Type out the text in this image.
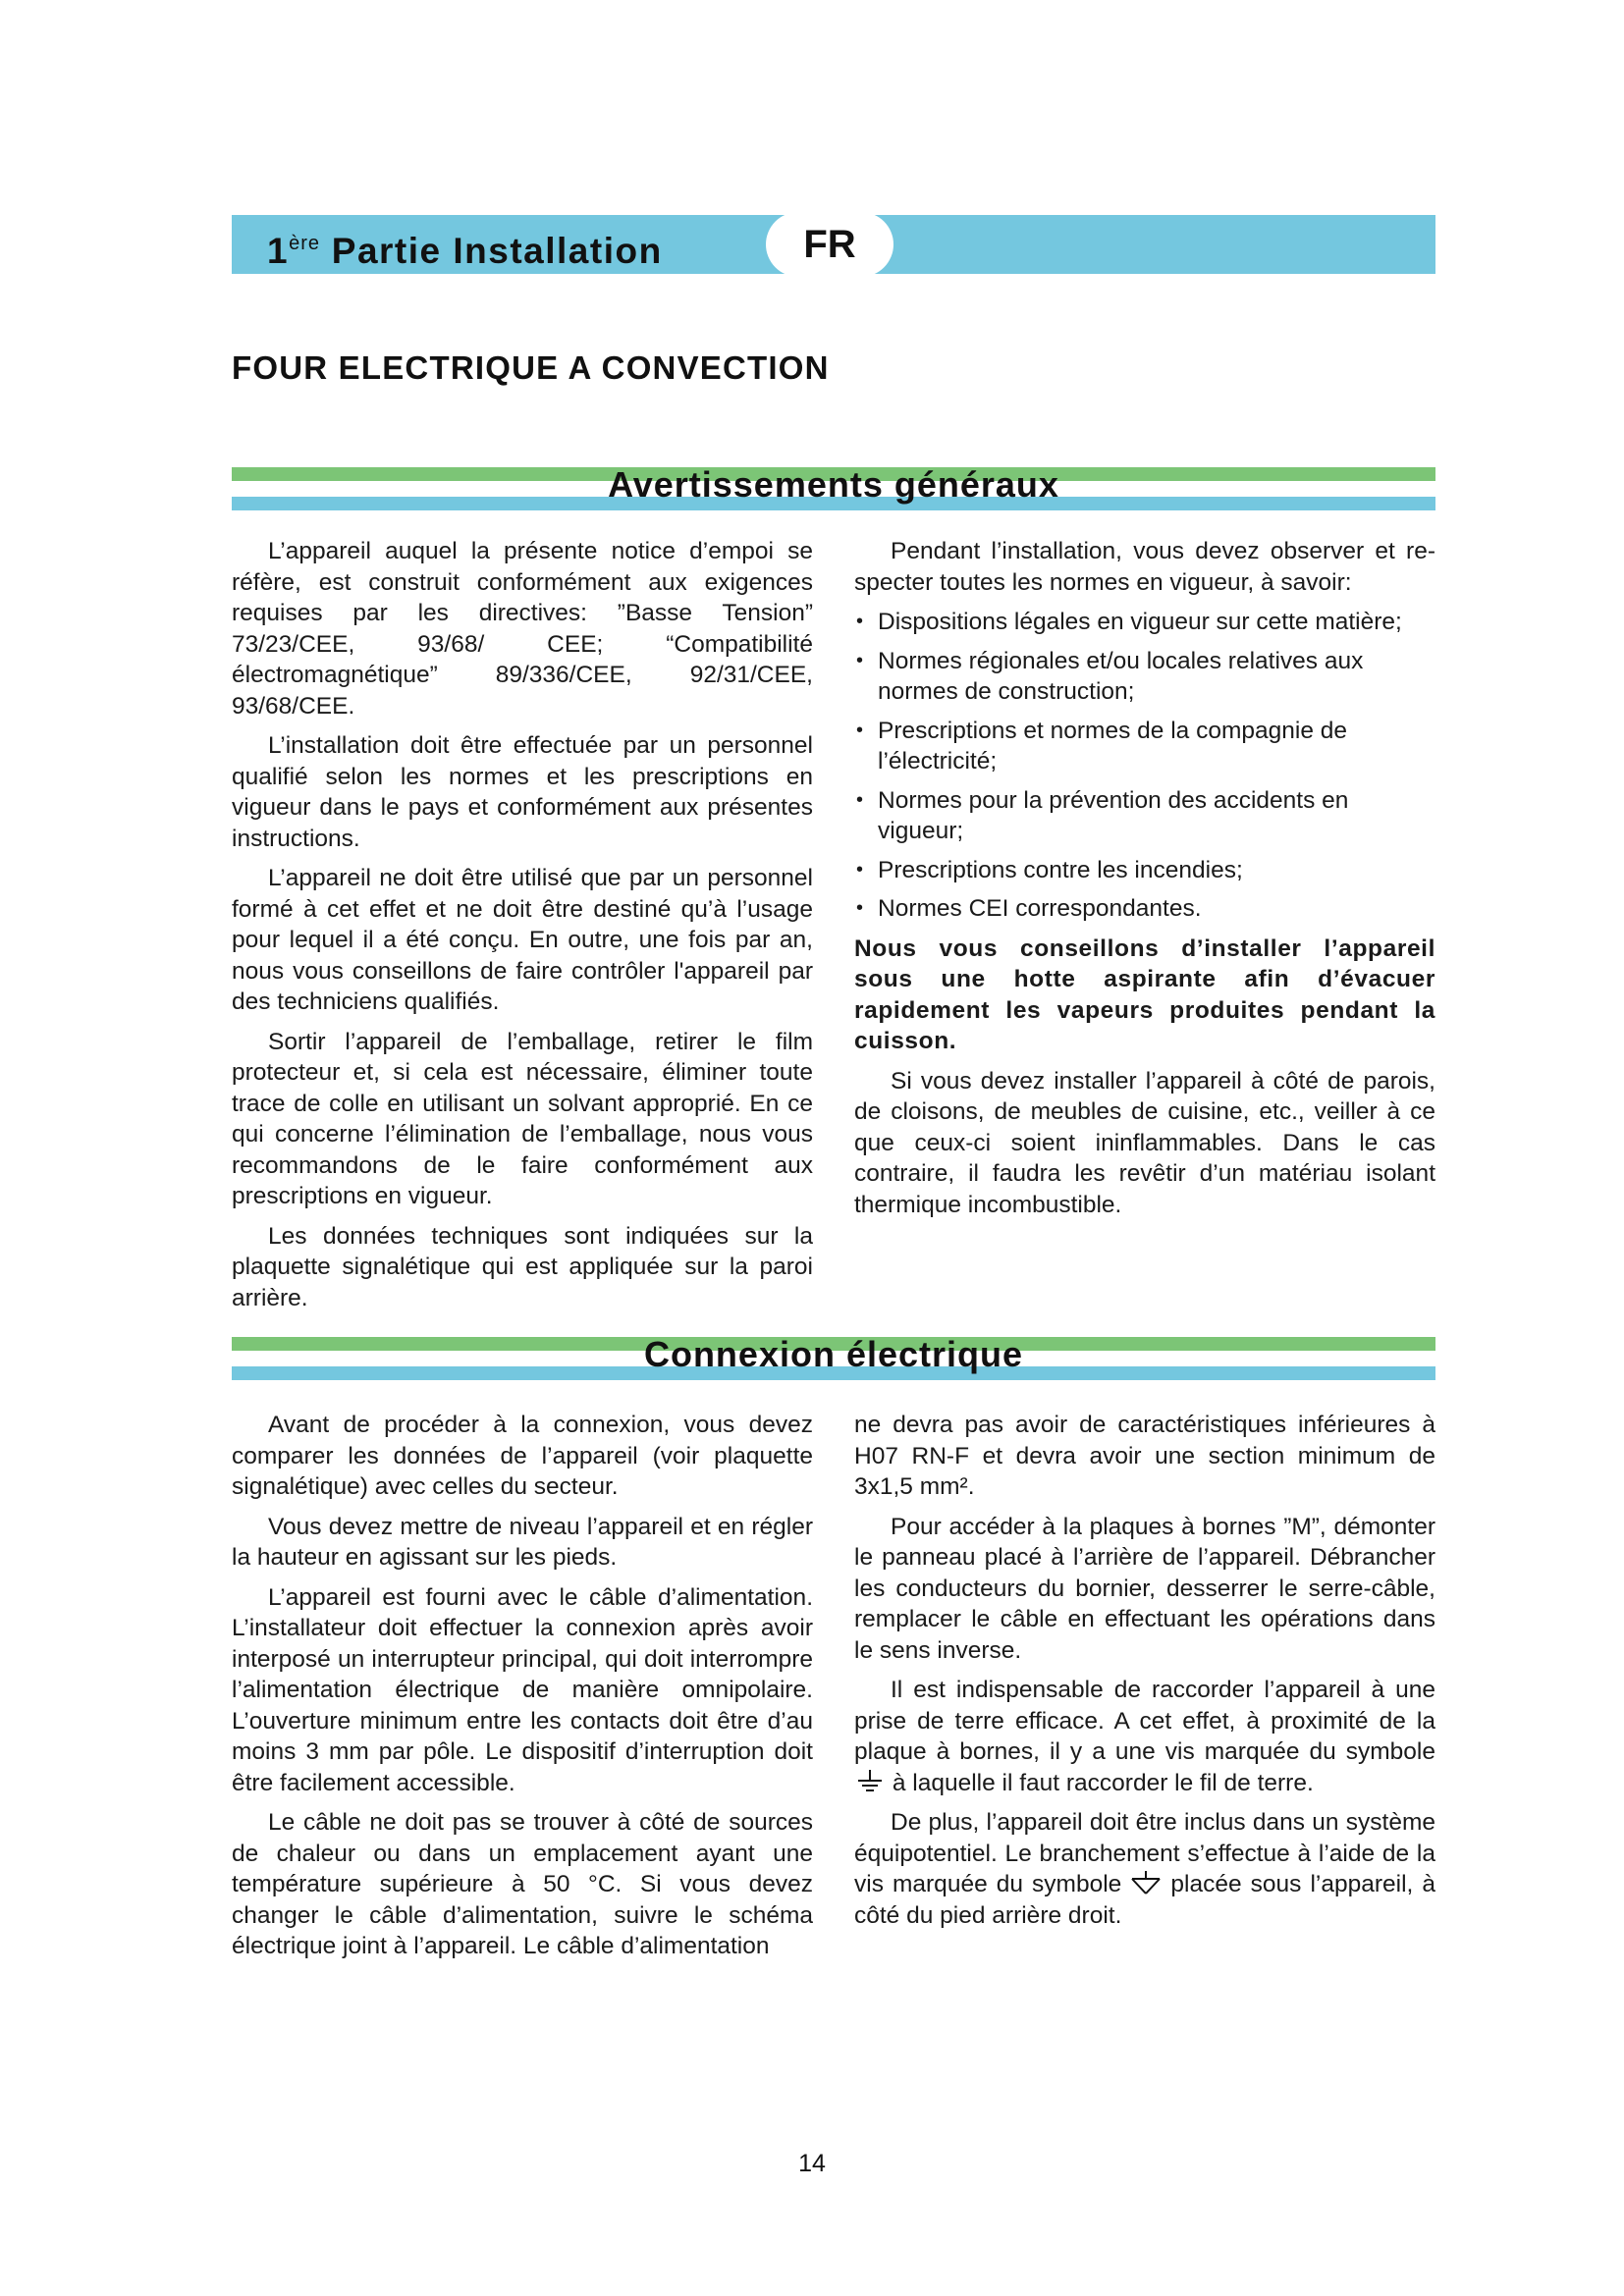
1ère Partie Installation	FR
FOUR ELECTRIQUE A CONVECTION
Avertissements généraux

L’appareil auquel la présente notice d’empoi se réfère, est construit conformément aux exigences requises par les directives: ”Basse Tension” 73/23/CEE, 93/68/ CEE; “Compatibilité électromagnétique” 89/336/CEE, 92/31/CEE, 93/68/CEE.

L’installation doit être effectuée par un personnel qualifié selon les normes et les prescriptions en vigueur dans le pays et conformément aux présentes instructions.

L’appareil ne doit être utilisé que par un personnel formé à cet effet et ne doit être destiné qu’à l’usage pour lequel il a été conçu. En outre, une fois par an, nous vous conseillons de faire contrôler l'appareil par des techniciens qualifiés.

Sortir l’appareil de l’emballage, retirer le film protecteur et, si cela est nécessaire, éliminer toute trace de colle en utilisant un solvant approprié. En ce qui concerne l’élimination de l’emballage, nous vous recommandons de le faire conformément aux prescriptions en vigueur.

Les données techniques sont indiquées sur la plaquette signalétique qui est appliquée sur la paroi arrière.

Pendant l’installation, vous devez observer et re-specter toutes les normes en vigueur, à savoir:

• Dispositions légales en vigueur sur cette matière;
• Normes régionales et/ou locales relatives aux normes de construction;
• Prescriptions et normes de la compagnie de l’électricité;
• Normes pour la prévention des accidents en vigueur;
• Prescriptions contre les incendies;
• Normes CEI correspondantes.

Nous vous conseillons d’installer l’appareil sous une hotte aspirante afin d’évacuer rapidement les vapeurs produites pendant la cuisson.

Si vous devez installer l’appareil à côté de parois, de cloisons, de meubles de cuisine, etc., veiller à ce que ceux-ci soient ininflammables. Dans le cas contraire, il faudra les revêtir d’un matériau isolant thermique incombustible.

Connexion électrique

Avant de procéder à la connexion, vous devez comparer les données de l’appareil (voir plaquette signalétique) avec celles du secteur.

Vous devez mettre de niveau l’appareil et en régler la hauteur en agissant sur les pieds.

L’appareil est fourni avec le câble d’alimentation. L’installateur doit effectuer la connexion après avoir interposé un interrupteur principal, qui doit interrompre l’alimentation électrique de manière omnipolaire. L’ouverture minimum entre les contacts doit être d’au moins 3 mm par pôle. Le dispositif d’interruption doit être facilement accessible.

Le câble ne doit pas se trouver à côté de sources de chaleur ou dans un emplacement ayant une température supérieure à 50 °C. Si vous devez changer le câble d’alimentation, suivre le schéma électrique joint à l’appareil. Le câble d’alimentation

ne devra pas avoir de caractéristiques inférieures à H07 RN-F et devra avoir une section minimum de 3x1,5 mm².

Pour accéder à la plaques à bornes ”M”, démonter le panneau placé à l’arrière de l’appareil. Débrancher les conducteurs du bornier, desserrer le serre-câble, remplacer le câble en effectuant les opérations dans le sens inverse.

Il est indispensable de raccorder l’appareil à une prise de terre efficace. A cet effet, à proximité de la plaque à bornes, il y a une vis marquée du symbole  à laquelle il faut raccorder le fil de terre.

De plus, l’appareil doit être inclus dans un système équipotentiel. Le branchement s’effectue à l’aide de la vis marquée du symbole placée sous l’appareil, à côté du pied arrière droit.

14
